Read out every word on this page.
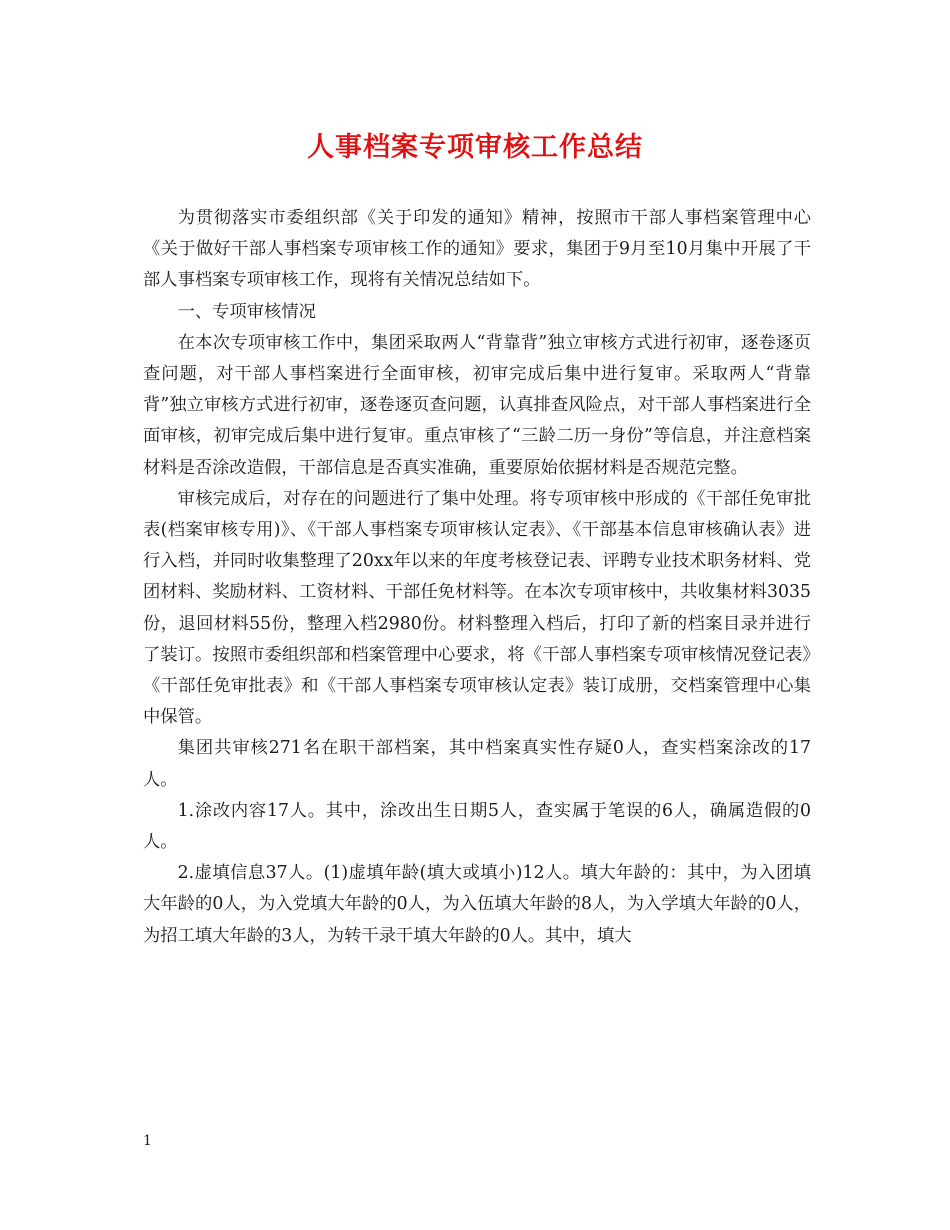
人事档案专项审核工作总结

为贯彻落实市委组织部《关于印发的通知》精神，按照市干部人事档案管理中心《关于做好干部人事档案专项审核工作的通知》要求，集团于9月至10月集中开展了干部人事档案专项审核工作，现将有关情况总结如下。

一、专项审核情况

在本次专项审核工作中，集团采取两人“背靠背”独立审核方式进行初审，逐卷逐页查问题，对干部人事档案进行全面审核，初审完成后集中进行复审。采取两人“背靠背”独立审核方式进行初审，逐卷逐页查问题，认真排查风险点，对干部人事档案进行全面审核，初审完成后集中进行复审。重点审核了“三龄二历一身份”等信息，并注意档案材料是否涂改造假，干部信息是否真实准确，重要原始依据材料是否规范完整。

审核完成后，对存在的问题进行了集中处理。将专项审核中形成的《干部任免审批表(档案审核专用)》、《干部人事档案专项审核认定表》、《干部基本信息审核确认表》进行入档，并同时收集整理了20xx年以来的年度考核登记表、评聘专业技术职务材料、党团材料、奖励材料、工资材料、干部任免材料等。在本次专项审核中，共收集材料3035份，退回材料55份，整理入档2980份。材料整理入档后，打印了新的档案目录并进行了装订。按照市委组织部和档案管理中心要求，将《干部人事档案专项审核情况登记表》《干部任免审批表》和《干部人事档案专项审核认定表》装订成册，交档案管理中心集中保管。

集团共审核271名在职干部档案，其中档案真实性存疑0人，查实档案涂改的17人。

1.涂改内容17人。其中，涂改出生日期5人，查实属于笔误的6人，确属造假的0人。

2.虚填信息37人。(1)虚填年龄(填大或填小)12人。填大年龄的：其中，为入团填大年龄的0人，为入党填大年龄的0人，为入伍填大年龄的8人，为入学填大年龄的0人，为招工填大年龄的3人，为转干录干填大年龄的0人。其中，填大

1
